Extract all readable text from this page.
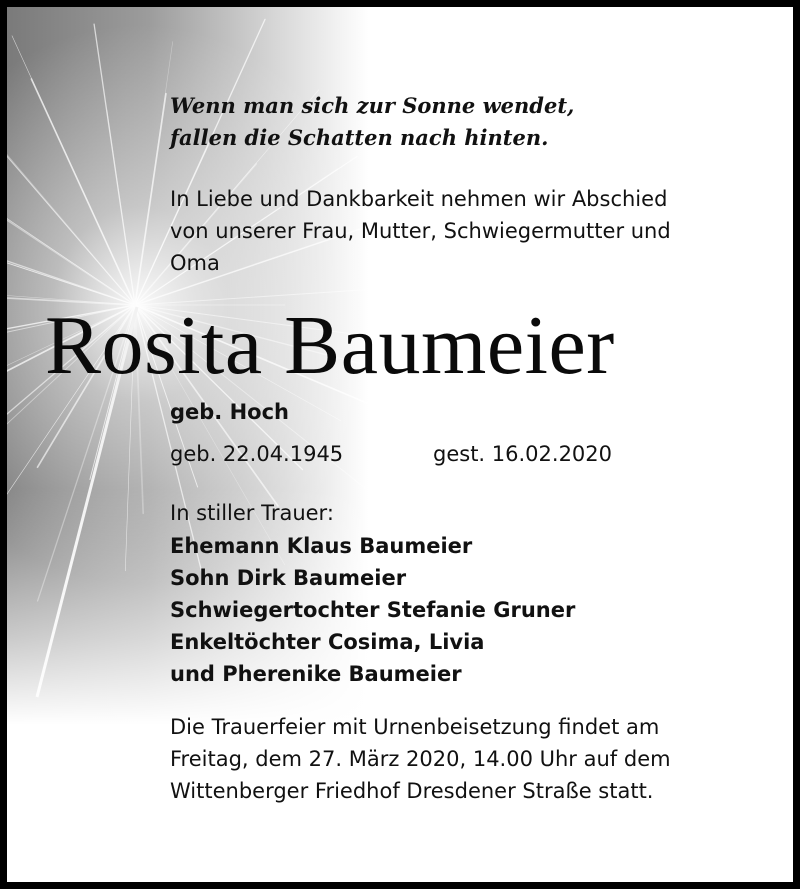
Wenn man sich zur Sonne wendet,
fallen die Schatten nach hinten.
In Liebe und Dankbarkeit nehmen wir Abschied
von unserer Frau, Mutter, Schwiegermutter und
Oma
Rosita Baumeier
geb. Hoch
geb. 22.04.1945	gest. 16.02.2020
In stiller Trauer:
Ehemann Klaus Baumeier
Sohn Dirk Baumeier
Schwiegertochter Stefanie Gruner
Enkeltöchter Cosima, Livia
und Pherenike Baumeier
Die Trauerfeier mit Urnenbeisetzung findet am
Freitag, dem 27. März 2020, 14.00 Uhr auf dem
Wittenberger Friedhof Dresdener Straße statt.
